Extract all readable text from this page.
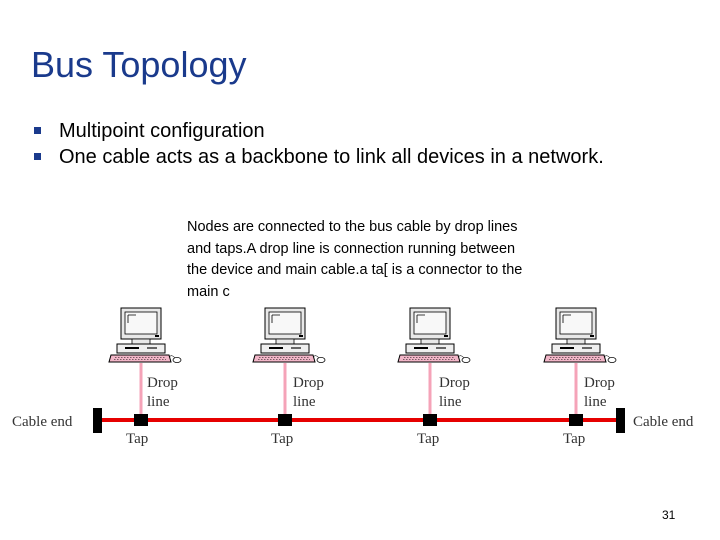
Bus Topology
Multipoint configuration
One cable acts as a backbone to link all devices in a network.
Cable end	Cable end
Drop
line
Drop
line
Drop
line
Drop
line
Tap	Tap	Tap	Tap
Nodes are connected to the bus cable by drop lines and taps.A drop line is connection running between the device and main cable.a ta[ is a connector to the main c
31
